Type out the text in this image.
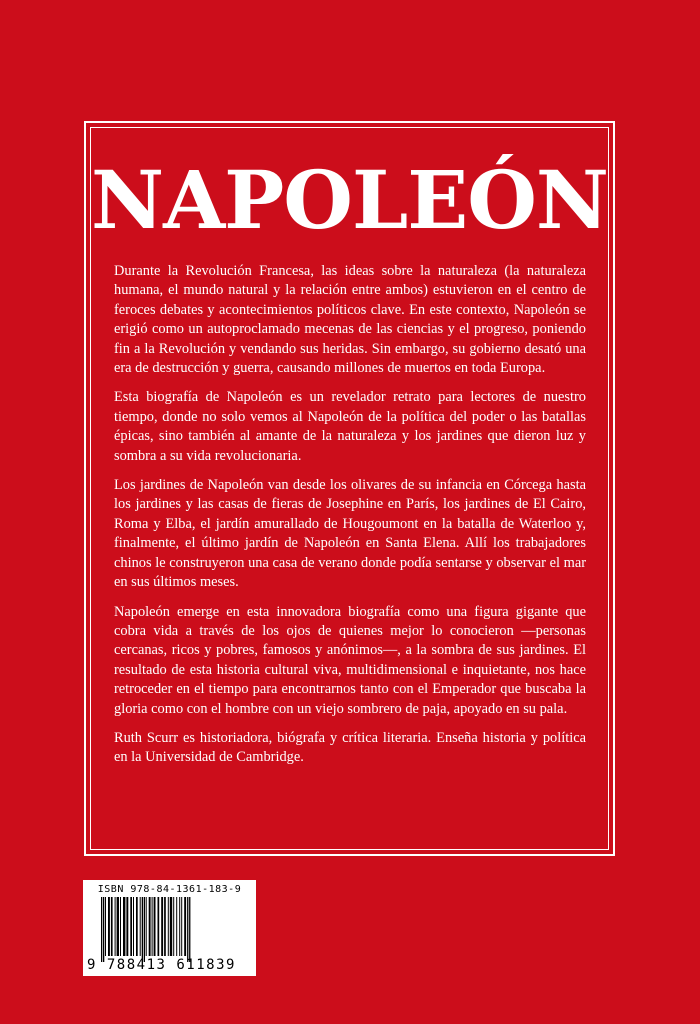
NAPOLEÓN

Durante la Revolución Francesa, las ideas sobre la naturaleza (la naturaleza humana, el mundo natural y la relación entre ambos) estuvieron en el centro de feroces debates y acontecimientos políticos clave. En este contexto, Napoleón se erigió como un autoproclamado mecenas de las ciencias y el progreso, poniendo fin a la Revolución y vendando sus heridas. Sin embargo, su gobierno desató una era de destrucción y guerra, causando millones de muertos en toda Europa.

Esta biografía de Napoleón es un revelador retrato para lectores de nuestro tiempo, donde no solo vemos al Napoleón de la política del poder o las batallas épicas, sino también al amante de la naturaleza y los jardines que dieron luz y sombra a su vida revolucionaria.

Los jardines de Napoleón van desde los olivares de su infancia en Córcega hasta los jardines y las casas de fieras de Josephine en París, los jardines de El Cairo, Roma y Elba, el jardín amurallado de Hougoumont en la batalla de Waterloo y, finalmente, el último jardín de Napoleón en Santa Elena. Allí los trabajadores chinos le construyeron una casa de verano donde podía sentarse y observar el mar en sus últimos meses.

Napoleón emerge en esta innovadora biografía como una figura gigante que cobra vida a través de los ojos de quienes mejor lo conocieron —personas cercanas, ricos y pobres, famosos y anónimos—, a la sombra de sus jardines. El resultado de esta historia cultural viva, multidimensional e inquietante, nos hace retroceder en el tiempo para encontrarnos tanto con el Emperador que buscaba la gloria como con el hombre con un viejo sombrero de paja, apoyado en su pala.

Ruth Scurr es historiadora, biógrafa y crítica literaria. Enseña historia y política en la Universidad de Cambridge.

ISBN 978-84-1361-183-9
9 788413 611839
